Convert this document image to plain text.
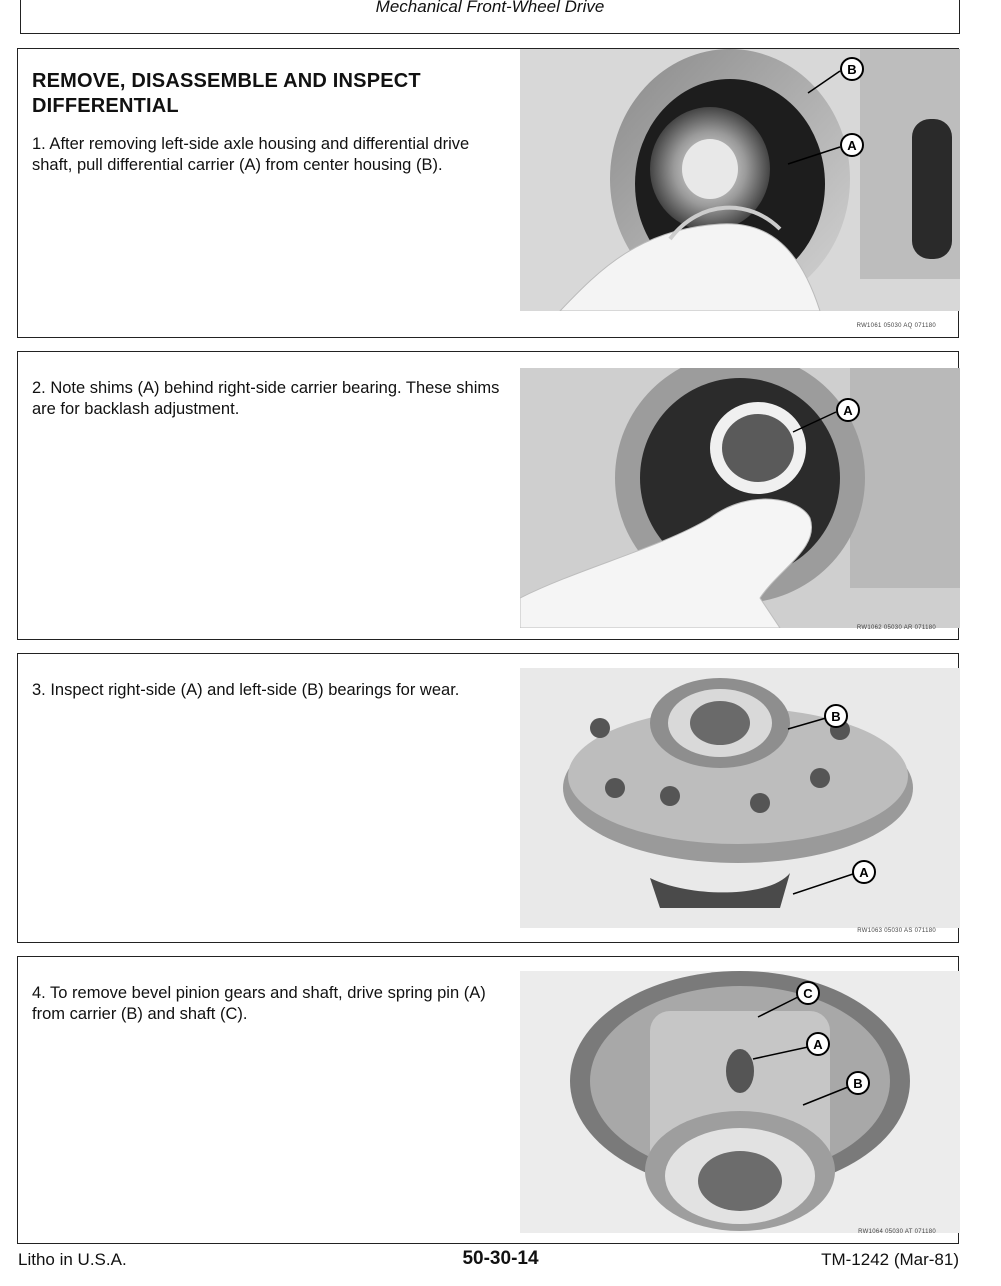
Mechanical Front-Wheel Drive
REMOVE, DISASSEMBLE AND INSPECT DIFFERENTIAL
1. After removing left-side axle housing and differential drive shaft, pull differential carrier (A) from center housing (B).
B
A
RW1061 05030 AQ 071180
2. Note shims (A) behind right-side carrier bearing. These shims are for backlash adjustment.	A
RW1062 05030 AR 071180
3. Inspect right-side (A) and left-side (B) bearings for wear.
B
A
RW1063 05030 AS 071180
4. To remove bevel pinion gears and shaft, drive spring pin (A) from carrier (B) and shaft (C).
C
A
B
RW1064 05030 AT 071180
Litho in U.S.A.	50-30-14	TM-1242 (Mar-81)
